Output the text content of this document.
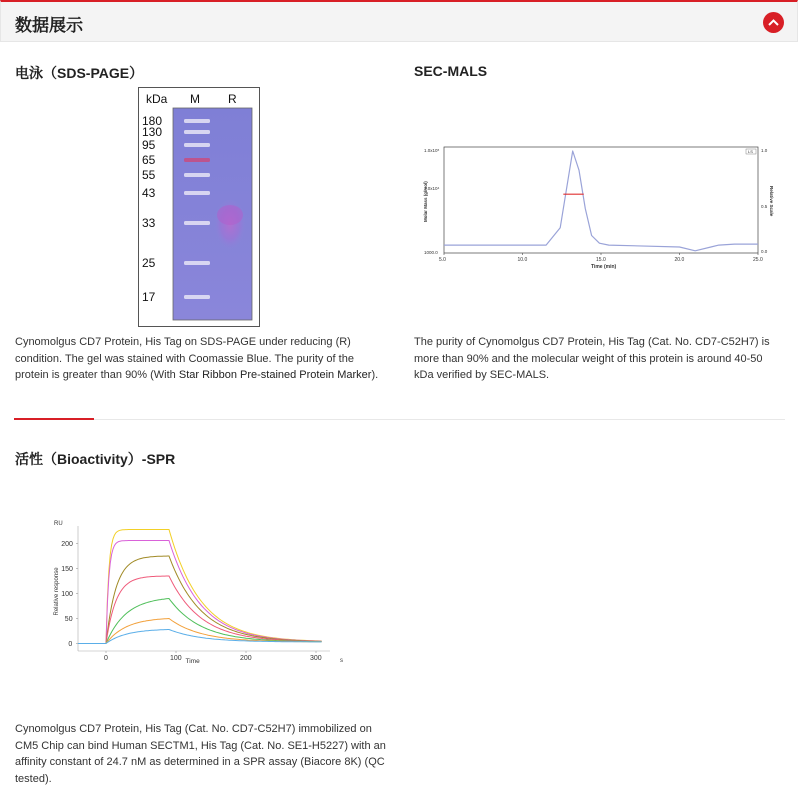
数据展示
电泳（SDS-PAGE）
kDa M R
180
130
95
65
55
43
33
25
17
Cynomolgus CD7 Protein, His Tag on SDS-PAGE under reducing (R) condition. The gel was stained with Coomassie Blue. The purity of the protein is greater than 90% (With Star Ribbon Pre-stained Protein Marker).
SEC-MALS
5.0	10.0	15.0	20.0	25.0
1.0x10⁵
1.0x10⁴
1000.0
1.0
0.5
0.0
Time (min)
Molar Mass (g/mol)	Relative Scale
LS
The purity of Cynomolgus CD7 Protein, His Tag (Cat. No. CD7-C52H7) is more than 90% and the molecular weight of this protein is around 40-50 kDa verified by SEC-MALS.
活性（Bioactivity）-SPR
RU
0
50
100
150
200
0	100	200	300
Time	s
Relative response
Cynomolgus CD7 Protein, His Tag (Cat. No. CD7-C52H7) immobilized on CM5 Chip can bind Human SECTM1, His Tag (Cat. No. SE1-H5227) with an affinity constant of 24.7 nM as determined in a SPR assay (Biacore 8K) (QC tested).
